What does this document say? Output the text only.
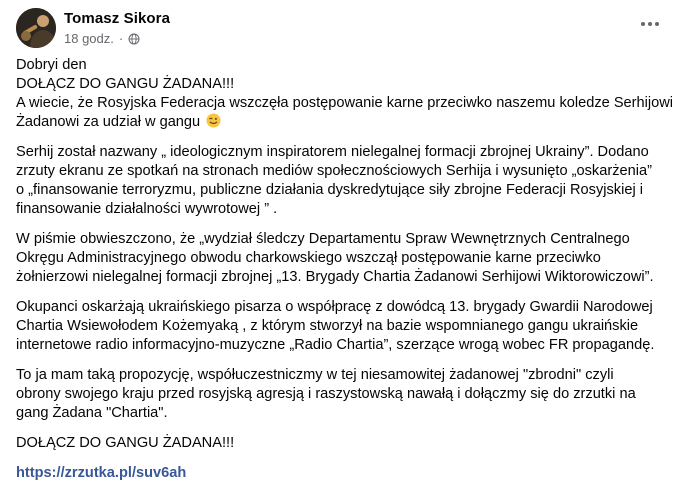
Tomasz Sikora
18 godz. ·

Dobryi den
DOŁĄCZ DO GANGU ŻADANA!!!
A wiecie, że Rosyjska Federacja wszczęła postępowanie karne przeciwko naszemu koledze Serhijowi
Żadanowi za udział w gangu

Serhij został nazwany „ ideologicznym inspiratorem nielegalnej formacji zbrojnej Ukrainy”. Dodano
zrzuty ekranu ze spotkań na stronach mediów społecznościowych Serhija i wysunięto „oskarżenia”
o „finansowanie terroryzmu, publiczne działania dyskredytujące siły zbrojne Federacji Rosyjskiej i
finansowanie działalności wywrotowej ” .

W piśmie obwieszczono, że „wydział śledczy Departamentu Spraw Wewnętrznych Centralnego
Okręgu Administracyjnego obwodu charkowskiego wszczął postępowanie karne przeciwko
żołnierzowi nielegalnej formacji zbrojnej „13. Brygady Chartia Żadanowi Serhijowi Wiktorowiczowi”.

Okupanci oskarżają ukraińskiego pisarza o współpracę z dowódcą 13. brygady Gwardii Narodowej
Chartia Wsiewołodem Kożemyaką , z którym stworzył na bazie wspomnianego gangu ukraińskie
internetowe radio informacyjno-muzyczne „Radio Chartia”, szerzące wrogą wobec FR propagandę.

To ja mam taką propozycję, współuczestniczmy w tej niesamowitej żadanowej "zbrodni" czyli
obrony swojego kraju przed rosyjską agresją i raszystowską nawałą i dołączmy się do zrzutki na
gang Żadana "Chartia".

DOŁĄCZ DO GANGU ŻADANA!!!

https://zrzutka.pl/suv6ah
